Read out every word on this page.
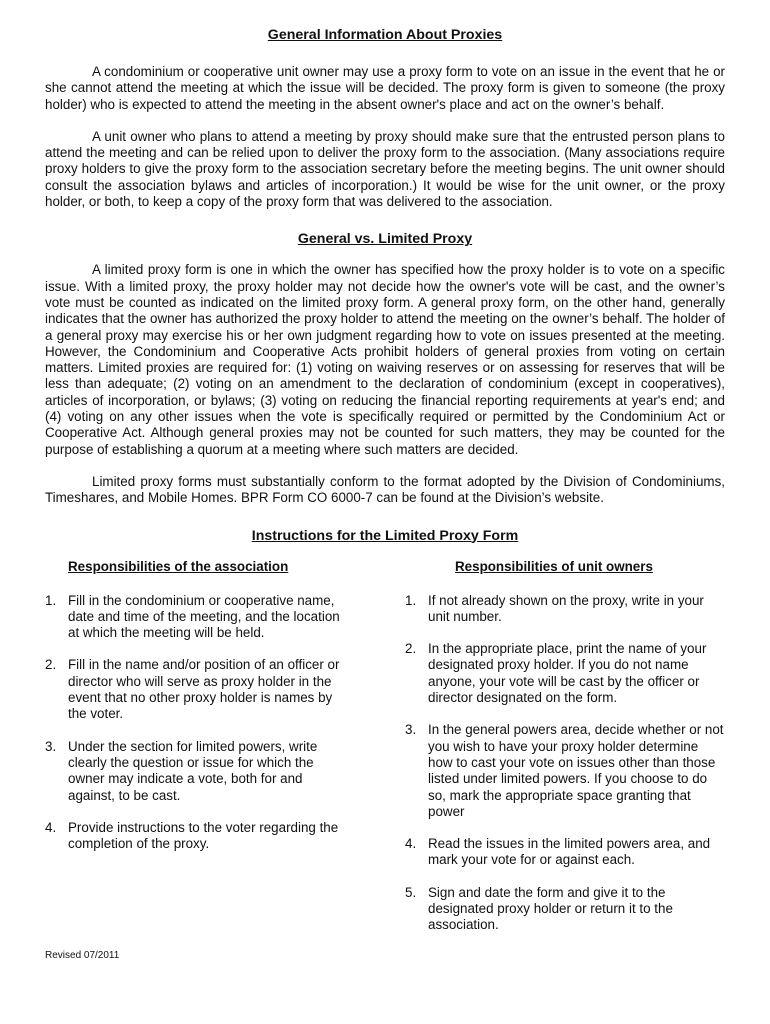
General Information About Proxies

A condominium or cooperative unit owner may use a proxy form to vote on an issue in the event that he or she cannot attend the meeting at which the issue will be decided. The proxy form is given to someone (the proxy holder) who is expected to attend the meeting in the absent owner's place and act on the owner’s behalf.

A unit owner who plans to attend a meeting by proxy should make sure that the entrusted person plans to attend the meeting and can be relied upon to deliver the proxy form to the association. (Many associations require proxy holders to give the proxy form to the association secretary before the meeting begins. The unit owner should consult the association bylaws and articles of incorporation.) It would be wise for the unit owner, or the proxy holder, or both, to keep a copy of the proxy form that was delivered to the association.

General vs. Limited Proxy

A limited proxy form is one in which the owner has specified how the proxy holder is to vote on a specific issue. With a limited proxy, the proxy holder may not decide how the owner's vote will be cast, and the owner’s vote must be counted as indicated on the limited proxy form. A general proxy form, on the other hand, generally indicates that the owner has authorized the proxy holder to attend the meeting on the owner’s behalf. The holder of a general proxy may exercise his or her own judgment regarding how to vote on issues presented at the meeting. However, the Condominium and Cooperative Acts prohibit holders of general proxies from voting on certain matters. Limited proxies are required for: (1) voting on waiving reserves or on assessing for reserves that will be less than adequate; (2) voting on an amendment to the declaration of condominium (except in cooperatives), articles of incorporation, or bylaws; (3) voting on reducing the financial reporting requirements at year's end; and (4) voting on any other issues when the vote is specifically required or permitted by the Condominium Act or Cooperative Act. Although general proxies may not be counted for such matters, they may be counted for the purpose of establishing a quorum at a meeting where such matters are decided.

Limited proxy forms must substantially conform to the format adopted by the Division of Condominiums, Timeshares, and Mobile Homes. BPR Form CO 6000-7 can be found at the Division’s website.

Instructions for the Limited Proxy Form
Responsibilities of the association
1. Fill in the condominium or cooperative name, date and time of the meeting, and the location at which the meeting will be held.
2. Fill in the name and/or position of an officer or director who will serve as proxy holder in the event that no other proxy holder is names by the voter.
3. Under the section for limited powers, write clearly the question or issue for which the owner may indicate a vote, both for and against, to be cast.
4. Provide instructions to the voter regarding the completion of the proxy.
Responsibilities of unit owners
1. If not already shown on the proxy, write in your unit number.
2. In the appropriate place, print the name of your designated proxy holder. If you do not name anyone, your vote will be cast by the officer or director designated on the form.
3. In the general powers area, decide whether or not you wish to have your proxy holder determine how to cast your vote on issues other than those listed under limited powers. If you choose to do so, mark the appropriate space granting that power
4. Read the issues in the limited powers area, and mark your vote for or against each.
5. Sign and date the form and give it to the designated proxy holder or return it to the association.
Revised 07/2011
